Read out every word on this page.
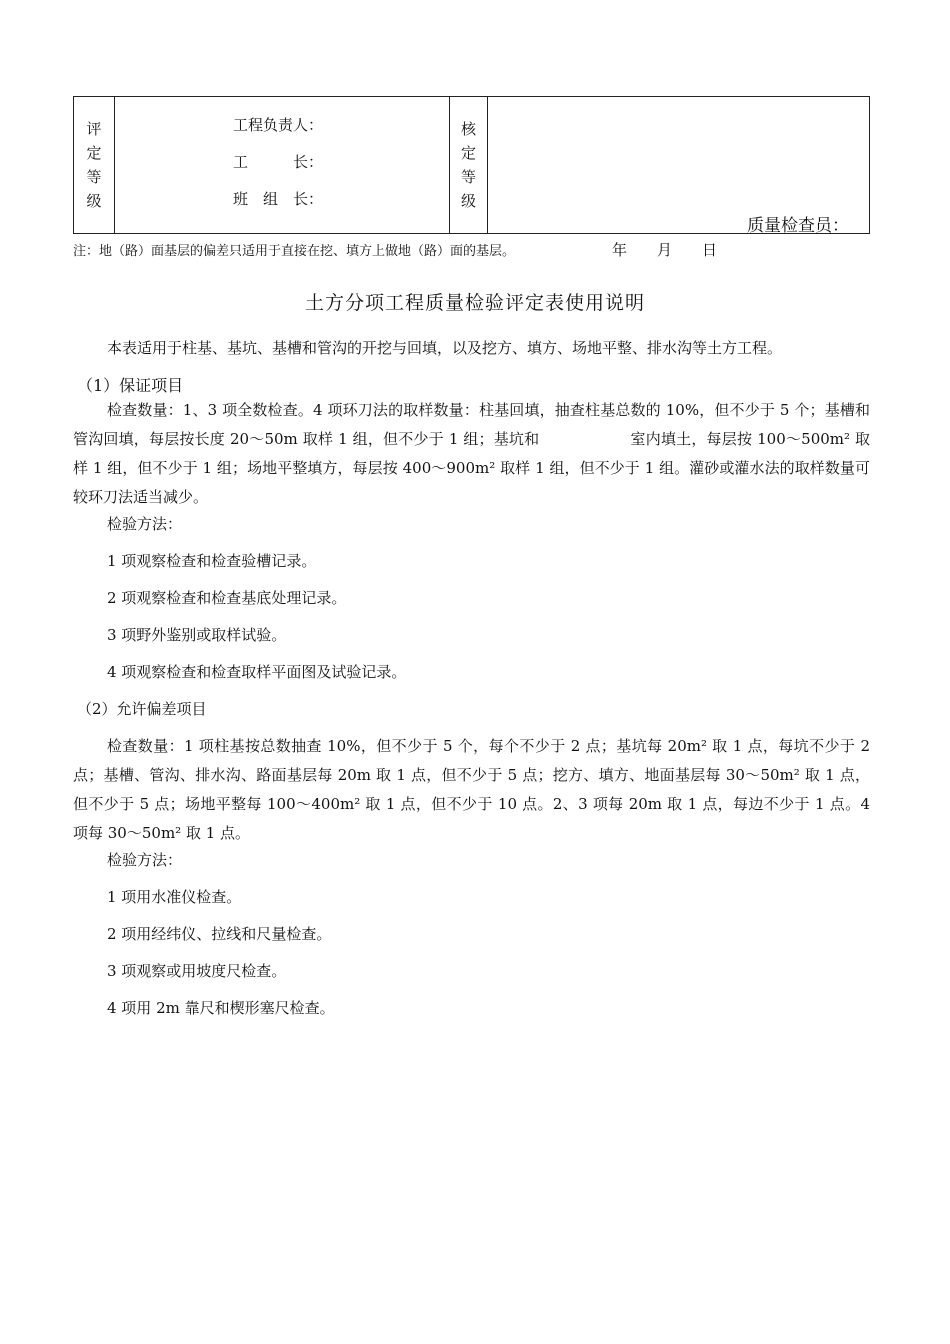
评定等级
工程负责人：
工　　　长：
班　组　长：
核定等级
质量检查员：
注：地（路）面基层的偏差只适用于直接在挖、填方上做地（路）面的基层。	年　　月　　日
土方分项工程质量检验评定表使用说明
本表适用于柱基、基坑、基槽和管沟的开挖与回填，以及挖方、填方、场地平整、排水沟等土方工程。
（1）保证项目
检查数量：1、3 项全数检查。4 项环刀法的取样数量：柱基回填，抽查柱基总数的 10%，但不少于 5 个；基槽和管沟回填，每层按长度 20～50m 取样 1 组，但不少于 1 组；基坑和　　　　　　室内填土，每层按 100～500m² 取样 1 组，但不少于 1 组；场地平整填方，每层按 400～900m² 取样 1 组，但不少于 1 组。灌砂或灌水法的取样数量可较环刀法适当减少。
检验方法：
1 项观察检查和检查验槽记录。
2 项观察检查和检查基底处理记录。
3 项野外鉴别或取样试验。
4 项观察检查和检查取样平面图及试验记录。
（2）允许偏差项目
检查数量：1 项柱基按总数抽查 10%，但不少于 5 个，每个不少于 2 点；基坑每 20m² 取 1 点，每坑不少于 2 点；基槽、管沟、排水沟、路面基层每 20m 取 1 点，但不少于 5 点；挖方、填方、地面基层每 30～50m² 取 1 点，但不少于 5 点；场地平整每 100～400m² 取 1 点，但不少于 10 点。2、3 项每 20m 取 1 点，每边不少于 1 点。4 项每 30～50m² 取 1 点。
检验方法：
1 项用水准仪检查。
2 项用经纬仪、拉线和尺量检查。
3 项观察或用坡度尺检查。
4 项用 2m 靠尺和楔形塞尺检查。
